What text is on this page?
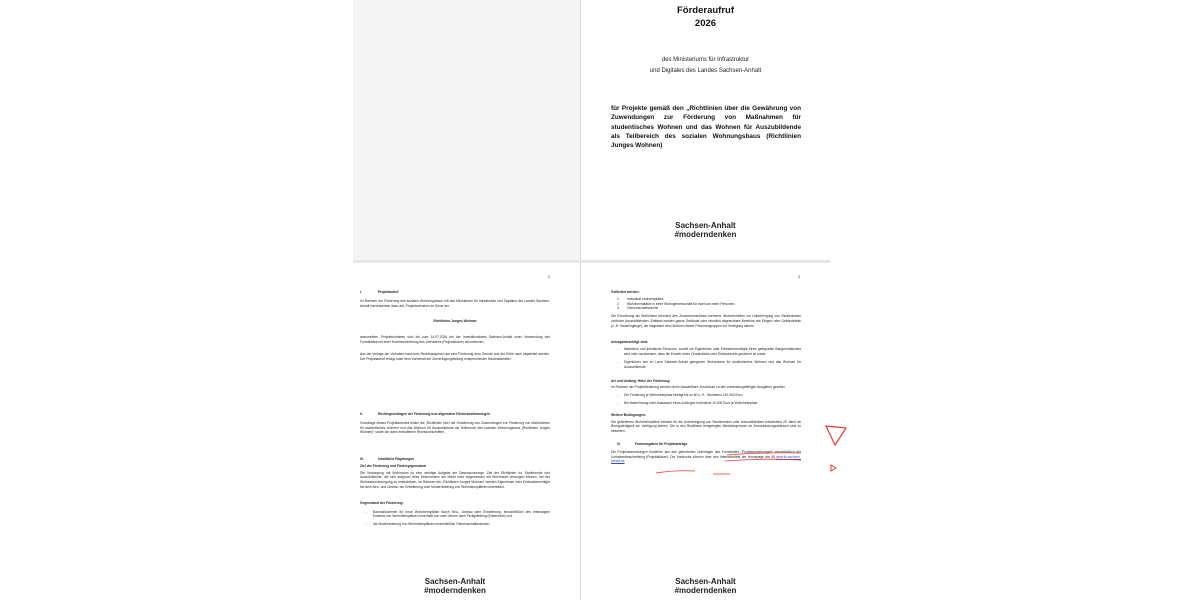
Förderaufruf
2026
des Ministeriums für Infrastruktur
und Digitales des Landes Sachsen-Anhalt
für Projekte gemäß den „Richtlinien über die Gewährung von Zuwendungen zur Förderung von Maßnahmen für studentisches Wohnen und das Wohnen für Auszubildende als Teilbereich des sozialen Wohnungsbaus (Richtlinien Junges Wohnen)
Sachsen-Anhalt
#moderndenken
2
I.	Projektaufruf
Im Rahmen der Förderung des sozialen Wohnungsbaus ruft das Ministerium für Infrastruktur und Digitales des Landes Sachsen-Anhalt Interessenten dazu auf, Projektvorhaben im Sinne der
Richtlinien Junges Wohnen
anzumelden. Projektvorhaben sind bis zum 14.07.2026 bei der Investitionsbank Sachsen-Anhalt unter Verwendung des Formblattes mit einer Kurzbeschreibung des Vorhabens (Projektskizze) einzureichen.
Aus der Vorlage der Vorhaben kann kein Rechtsanspruch auf eine Förderung dem Grunde und der Höhe nach abgeleitet werden. Der Projektaufruf erfolgt unter dem Vorbehalt der Zurverfügungstellung entsprechender Haushaltsmittel.
II.	Rechtsgrundlagen der Förderung und allgemeine Förderbestimmungen
Grundlage dieses Projektaufrufes bilden die „Richtlinien über die Gewährung von Zuwendungen zur Förderung von Maßnahmen für studentisches Wohnen und das Wohnen für Auszubildende als Teilbereich des sozialen Wohnungsbaus (Richtlinien Junges Wohnen)“ sowie der darin enthaltenen Rechtsvorschriften.
III.	Inhaltliche Regelungen
Ziel der Förderung und Fördergegenstand
Die Versorgung mit Wohnraum ist eine wichtige Aufgabe der Daseinsvorsorge. Ziel der Richtlinien ist, Studierende und Auszubildende, die sich aufgrund ihres Einkommens am Markt nicht angemessen mit Wohnraum versorgen können, bei der Wohnraumversorgung zu unterstützen. Im Rahmen der „Richtlinien Junges Wohnen“ werden Eigentümer oder Erbbauberechtigte bei dem Neu- und Umbau, der Erweiterung oder Modernisierung von Wohnheimplätzen unterstützt.
Gegenstand der Förderung:
-	Baumaßnahmen für neue Wohnheimplätze durch Neu-, Umbau oder Erweiterung, einschließlich des erstmaligen Erwerbs von Wohnheimplätzen innerhalb von zwei Jahren nach Fertigstellung (Ersterwerb) und
-	die Modernisierung von Wohnheimplätzen einschließlich Gemeinschaftsräumen.
Sachsen-Anhalt
#moderndenken
3
Gefördert werden:
1.	Individual-ohnheimplätze
2.	Wohnheimplätze in einer Wohngemeinschaft für zwei und mehr Personen.
3.	Gemeinschaftsräume
Die Einordnung als Wohnheim erfordert den Zusammenschluss mehrerer Wohneinheiten zur Unterbringung von Studierenden und/oder Auszubildenden. Entfasst werden ganze Gebäude oder räumlich abgrenzbare Bereiche wie Etagen oder Gebäudeteile (z. B. Hauseingänge), die insgesamt dem Wohnen dieser Personengruppen zur Verfügung stehen.
Antragsberechtigt sind:
-	Natürliche und juristische Personen, soweit sie Eigentümer oder Erbbauberechtigte eines geeigneten Baugrundstückes sind oder nachweisen, dass die Erwerb eines Grundstücks oder Erbbaurechts gesichert ist sowie
-	Eigentümer von im Land Sachsen-Anhalt gelegenen Wohnraums für studentisches Wohnen und das Wohnen für Auszubildende.
Art und Umfang, Höhe der Förderung:
Im Rahmen der Projektförderung werden nicht rückzahlbare Zuschüsse zu den zuwendungsfähigen Ausgaben gewährt.
-	Die Förderung je Wohnheimplatz beträgt bis zu 80 v. H., höchstens 120.000 Euro.
-	Bei Nachrüstung oder Austausch eines Aufzuges höchstens 10.000 Euro je Wohnheimplatz.
Weitere Bedingungen:
Die geförderten Wohnheimplätze müssen für die Unterbringung von Studierenden oder Auszubildenden mindestens 25 Jahre ab Bezugsfertigkeit zur Verfügung stehen. Die in den Richtlinien festgelegten Mietobergrenzen im Zweckbindungszeitraum sind zu beachten.
IV.	Formvorgaben für Projektanträge
Die Projektanmeldungen bestehen aus den geforderten Unterlagen des Formblattes „Projektanmeldungen“ einschließlich der Vorhabenbeschreibung (Projektskizze). Die Vordrucke können über den Internetauftritt der Homepage der IB www.ib-sachsen-anhalt.de
Sachsen-Anhalt
#moderndenken
